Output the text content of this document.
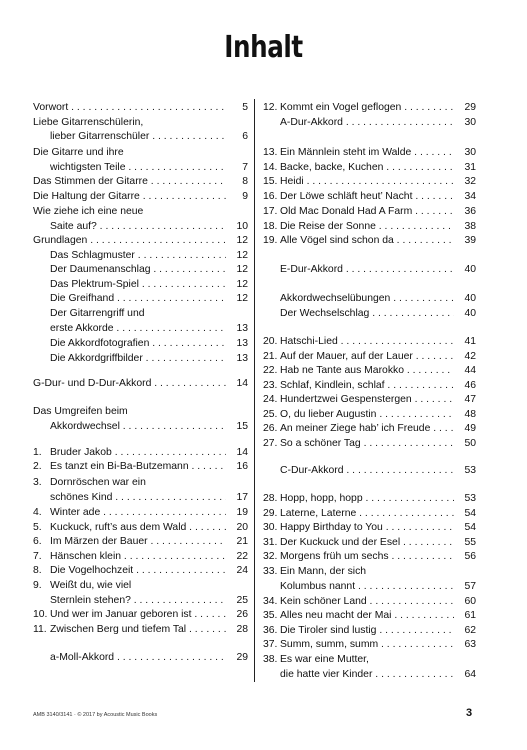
Inhalt
Vorwort . . .	5
Liebe Gitarrenschülerin,
lieber Gitarrenschüler . . .	6
Die Gitarre und ihre
wichtigsten Teile . . .	7
Das Stimmen der Gitarre . . .	8
Die Haltung der Gitarre . . .	9
Wie ziehe ich eine neue
Saite auf? . . .	10
Grundlagen . . .	12
Das Schlagmuster . . .	12
Der Daumenanschlag . . .	12
Das Plektrum-Spiel . . .	12
Die Greifhand . . .	12
Der Gitarrengriff und
erste Akkorde . . .	13
Die Akkordfotografien . . .	13
Die Akkordgriffbilder . . .	13
G-Dur- und D-Dur-Akkord . . .	14
Das Umgreifen beim
Akkordwechsel . . .	15
1. Bruder Jakob . . .	14
2. Es tanzt ein Bi-Ba-Butzemann . . .	16
3. Dornröschen war ein
schönes Kind . . .	17
4. Winter ade . . .	19
5. Kuckuck, ruft’s aus dem Wald . . .	20
6. Im Märzen der Bauer . . .	21
7. Hänschen klein . . .	22
8. Die Vogelhochzeit . . .	24
9. Weißt du, wie viel
Sternlein stehen? . . .	25
10. Und wer im Januar geboren ist . . .	26
11. Zwischen Berg und tiefem Tal . . .	28
a-Moll-Akkord . . .	29
12. Kommt ein Vogel geflogen . . .	29
A-Dur-Akkord . . .	30
13. Ein Männlein steht im Walde . . .	30
14. Backe, backe, Kuchen . . .	31
15. Heidi . . .	32
16. Der Löwe schläft heut’ Nacht . . .	34
17. Old Mac Donald Had A Farm . . .	36
18. Die Reise der Sonne . . .	38
19. Alle Vögel sind schon da . . .	39
E-Dur-Akkord . . .	40
Akkordwechselübungen . . .	40
Der Wechselschlag . . .	40
20. Hatschi-Lied . . .	41
21. Auf der Mauer, auf der Lauer . . .	42
22. Hab ne Tante aus Marokko . . .	44
23. Schlaf, Kindlein, schlaf . . .	46
24. Hundertzwei Gespenstergen . . .	47
25. O, du lieber Augustin . . .	48
26. An meiner Ziege hab’ ich Freude . . .	49
27. So a schöner Tag . . .	50
C-Dur-Akkord . . .	53
28. Hopp, hopp, hopp . . .	53
29. Laterne, Laterne . . .	54
30. Happy Birthday to You . . .	54
31. Der Kuckuck und der Esel . . .	55
32. Morgens früh um sechs . . .	56
33. Ein Mann, der sich
Kolumbus nannt . . .	57
34. Kein schöner Land . . .	60
35. Alles neu macht der Mai . . .	61
36. Die Tiroler sind lustig . . .	62
37. Summ, summ, summ . . .	63
38. Es war eine Mutter,
die hatte vier Kinder . . .	64
AMB 3140/3141 · © 2017 by Acoustic Music Books	3
